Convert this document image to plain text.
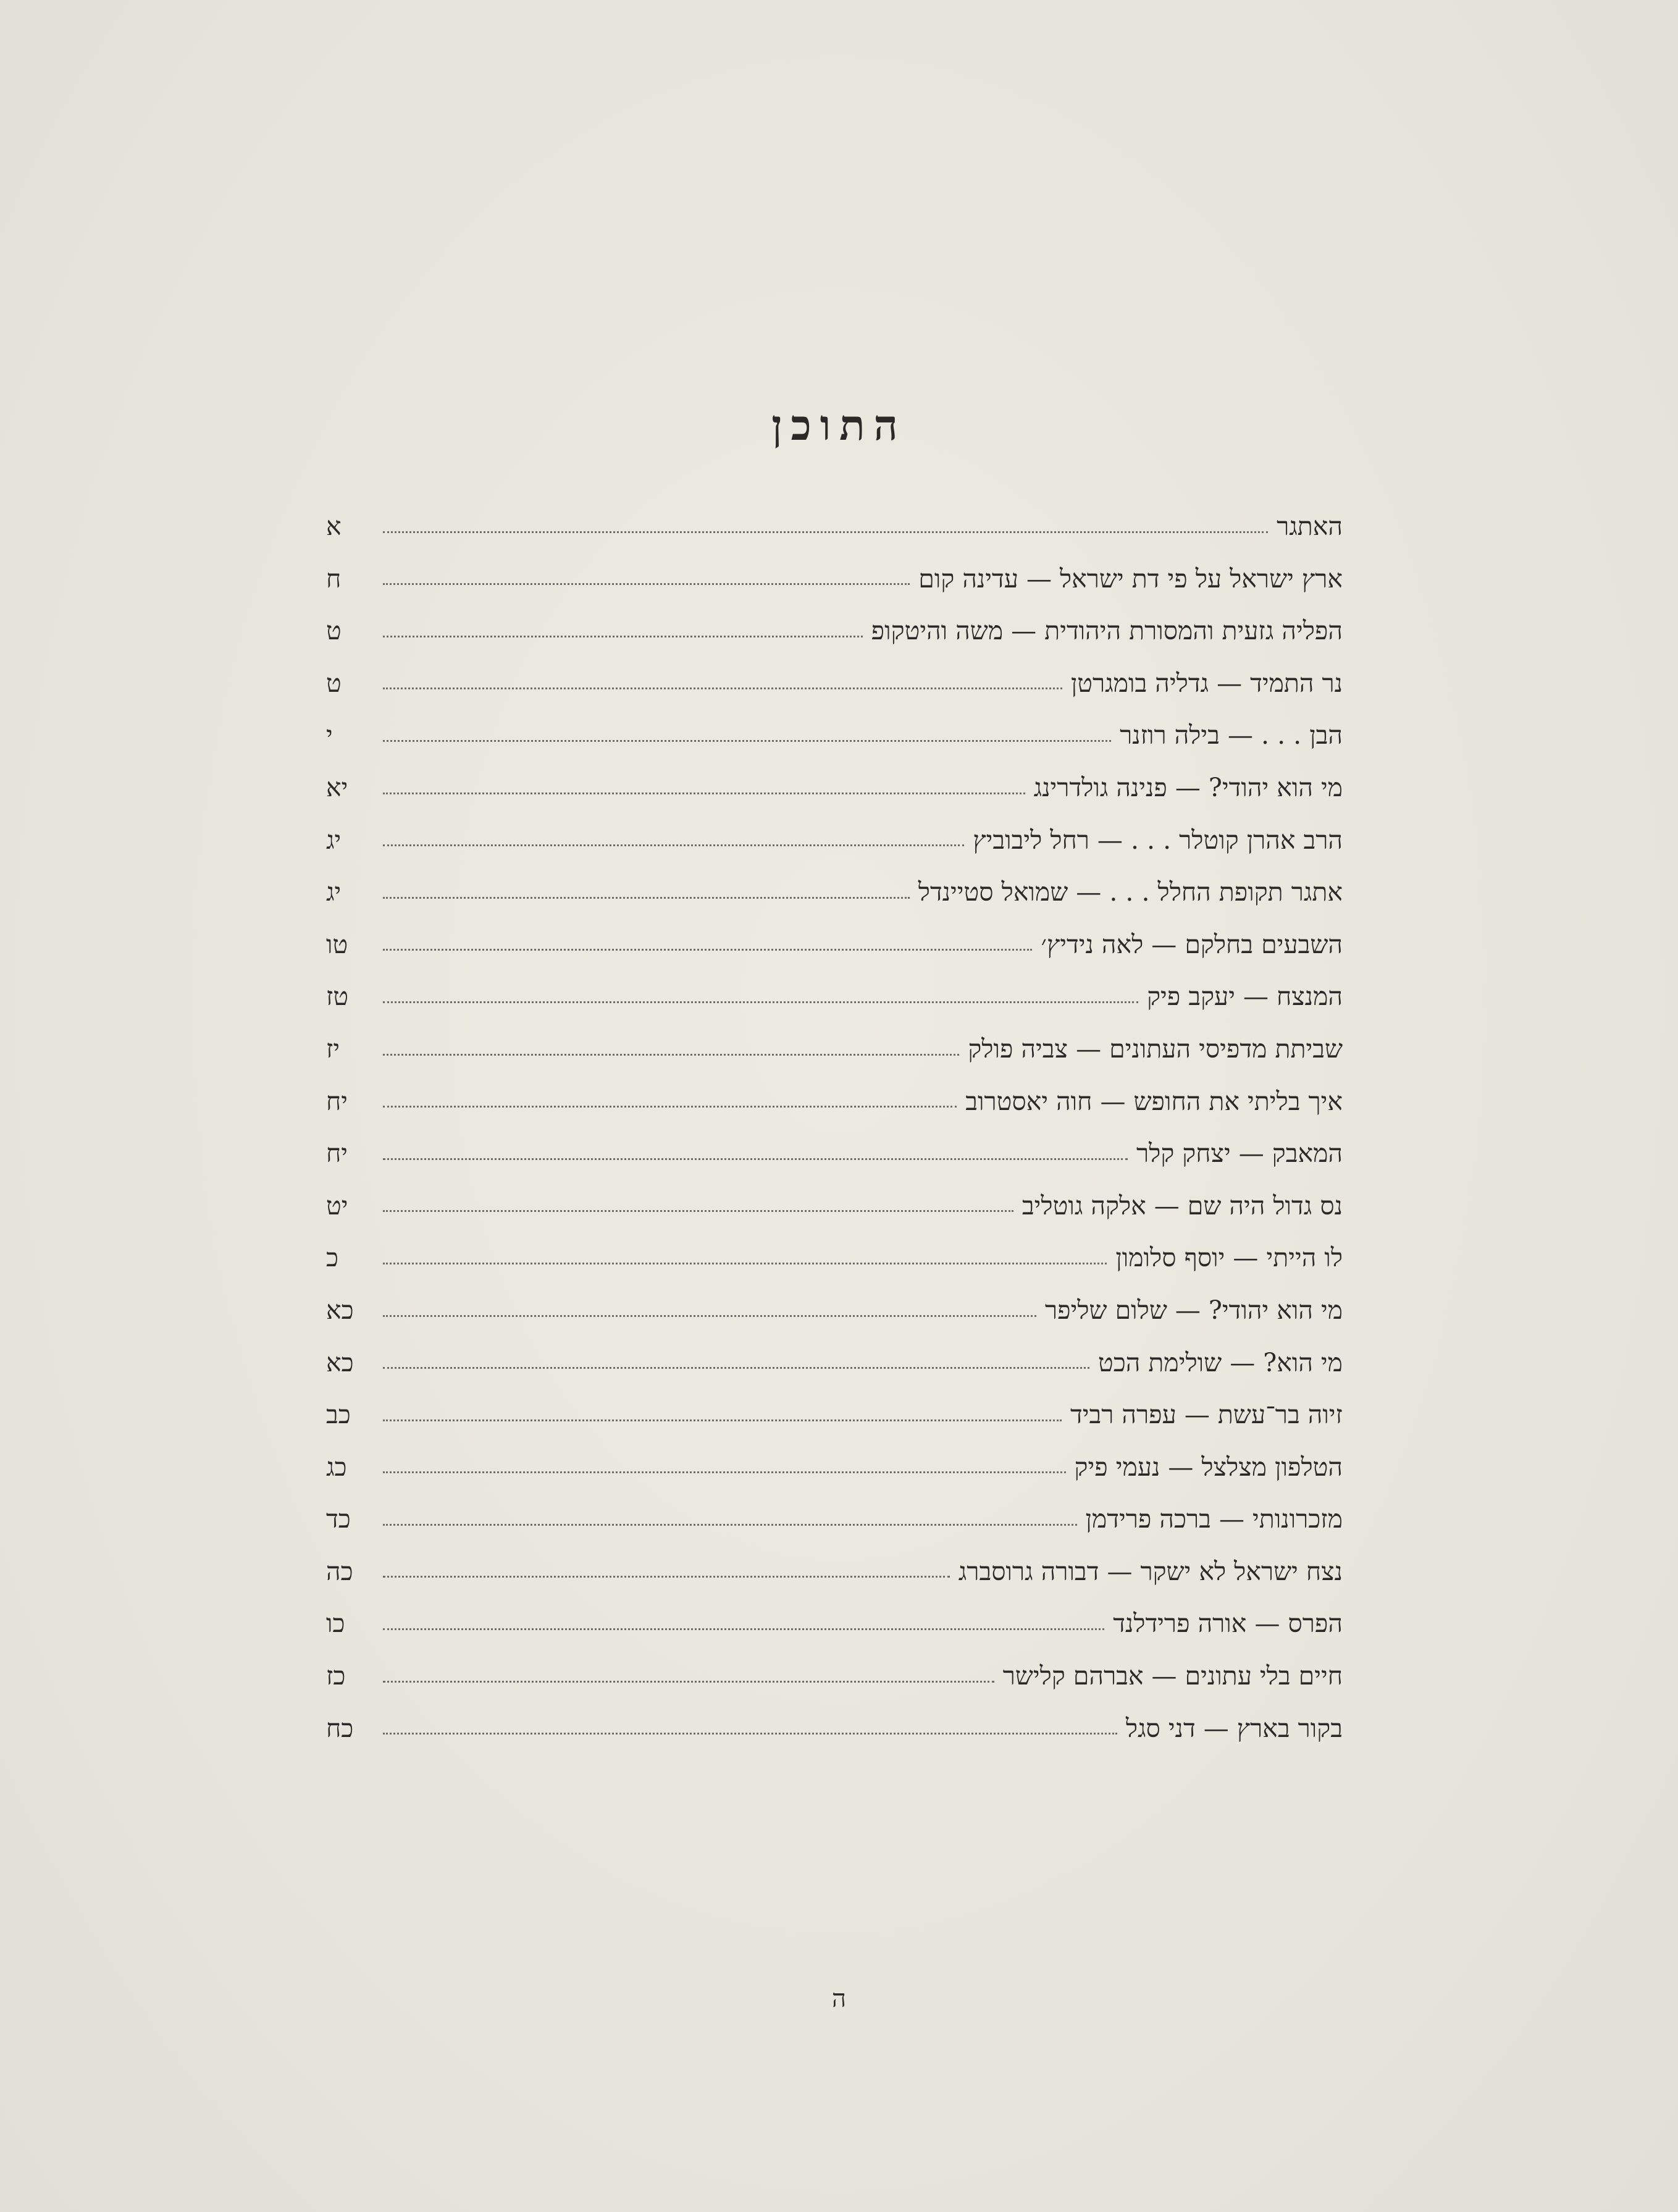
התוכן
האתגר
א
ארץ ישראל על פי דת ישראל — עדינה קום
ח
הפליה גזעית והמסורת היהודית — משה והיטקופ
ט
נר התמיד — גדליה בומגרטן
ט
הבן . . . — בילה רוזנר
י
מי הוא יהודי? — פנינה גולדרינג
יא
הרב אהרן קוטלר . . . — רחל ליבוביץ
יג
אתגר תקופת החלל . . . — שמואל סטיינדל
יג
השבעים בחלקם — לאה נידיץ׳
טו
המנצח — יעקב פיק
טז
שביתת מדפיסי העתונים — צביה פולק
יז
איך בליתי את החופש — חוה יאסטרוב
יח
המאבק — יצחק קלר
יח
נס גדול היה שם — אלקה גוטליב
יט
לו הייתי — יוסף סלומון
כ
מי הוא יהודי? — שלום שליפר
כא
מי הוא? — שולימת הכט
כא
זיוה בר־עשת — עפרה רביד
כב
הטלפון מצלצל — נעמי פיק
כג
מזכרונותי — ברכה פרידמן
כד
נצח ישראל לא ישקר — דבורה גרוסברג
כה
הפרס — אורה פרידלנד
כו
חיים בלי עתונים — אברהם קלישר
כז
בקור בארץ — דני סגל
כח
ה
